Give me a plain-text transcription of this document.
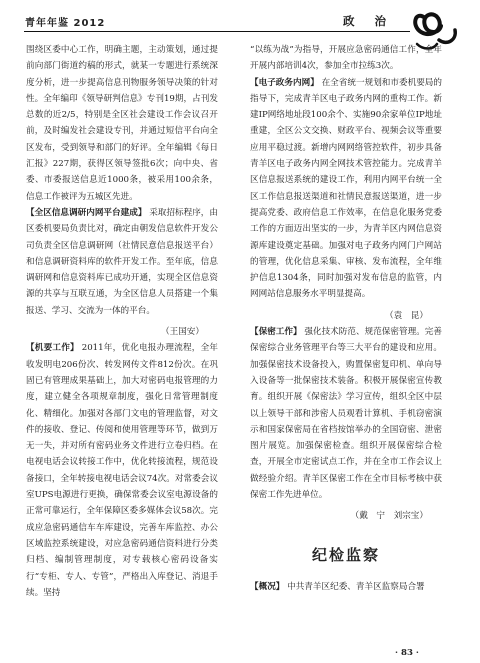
青年年鉴 2012	政 治

围绕区委中心工作，明确主题，主动策划，通过提前向部门街道约稿的形式，就某一专题进行系统深度分析，进一步提高信息刊物服务领导决策的针对性。全年编印《领导研判信息》专刊19期，占刊发总数的近2/5，特别是全区社会建设工作会议召开前，及时编发社会建设专刊，并通过短信平台向全区发布，受到领导和部门的好评。全年编辑《每日汇报》227期，获得区领导签批6次；向中央、省委、市委报送信息近1000条，被采用100余条，信息工作被评为五城区先进。

【全区信息调研内网平台建成】 采取招标程序，由区委机要局负责比对，确定由朝发信息软件开发公司负责全区信息调研网（社情民意信息报送平台）和信息调研资料库的软件开发工作。至年底，信息调研网和信息资料库已成功开通，实现全区信息资源的共享与互联互通，为全区信息人员搭建一个集报送、学习、交流为一体的平台。

（王国安）

【机要工作】 2011年，优化电报办理流程，全年收发明电206份次、转发网传文件812份次。在巩固已有管理成果基础上，加大对密码电报管理的力度，建立健全各项规章制度，强化日常管理制度化、精细化。加强对各部门文电的管理监督，对文件的接收、登记、传阅和使用管理等环节，做到万无一失，并对所有密码业务文件进行立卷归档。在电视电话会议转接工作中，优化转接流程，规范设备接口，全年转接电视电话会议74次。对常委会议室UPS电源进行更换，确保常委会议室电源设备的正常可靠运行，全年保障区委多媒体会议58次。完成应急密码通信车车库建设，完善车库监控、办公区域监控系统建设，对应急密码通信资料进行分类归档、编制管理制度，对专载核心密码设备实行“专柜、专人、专管”，严格出入库登记、消退手续。坚持

“以练为战”为指导，开展应急密码通信工作，全年开展内部培训4次，参加全市拉练3次。

【电子政务内网】 在全省统一规划和市委机要局的指导下，完成青羊区电子政务内网的重构工作。新建IP网络地址段100余个、实施90余家单位IP地址重建，全区公文交换、财政平台、视频会议等重要应用平稳过渡。新增内网网络管控软件，初步具备青羊区电子政务内网全网技术管控能力。完成青羊区信息报送系统的建设工作，利用内网平台统一全区工作信息报送渠道和社情民意报送渠道，进一步提高党委、政府信息工作效率，在信息化服务党委工作的方面迈出坚实的一步，为青羊区内网信息资源库建设奠定基础。加强对电子政务内网门户网站的管理，优化信息采集、审核、发布流程，全年维护信息1304条，同时加强对发布信息的监管，内网网站信息服务水平明显提高。

（袁　昆）

【保密工作】 强化技术防范、规范保密管理。完善保密综合业务管理平台等三大平台的建设和应用。加强保密技术设备投入，购置保密复印机、单向导入设备等一批保密技术装备。积极开展保密宣传教育。组织开展《保密法》学习宣传，组织全区中层以上领导干部和涉密人员观看计算机、手机窃密演示和国家保密局在省档按馆举办的全国窃密、泄密图片展览。加强保密检查。组织开展保密综合检查，开展全市定密试点工作，并在全市工作会议上做经验介绍。青羊区保密工作在全市目标考核中获保密工作先进单位。

（戴　宁　刘宗宝）
纪检监察

【概况】 中共青羊区纪委、青羊区监察局合署

· 83 ·
